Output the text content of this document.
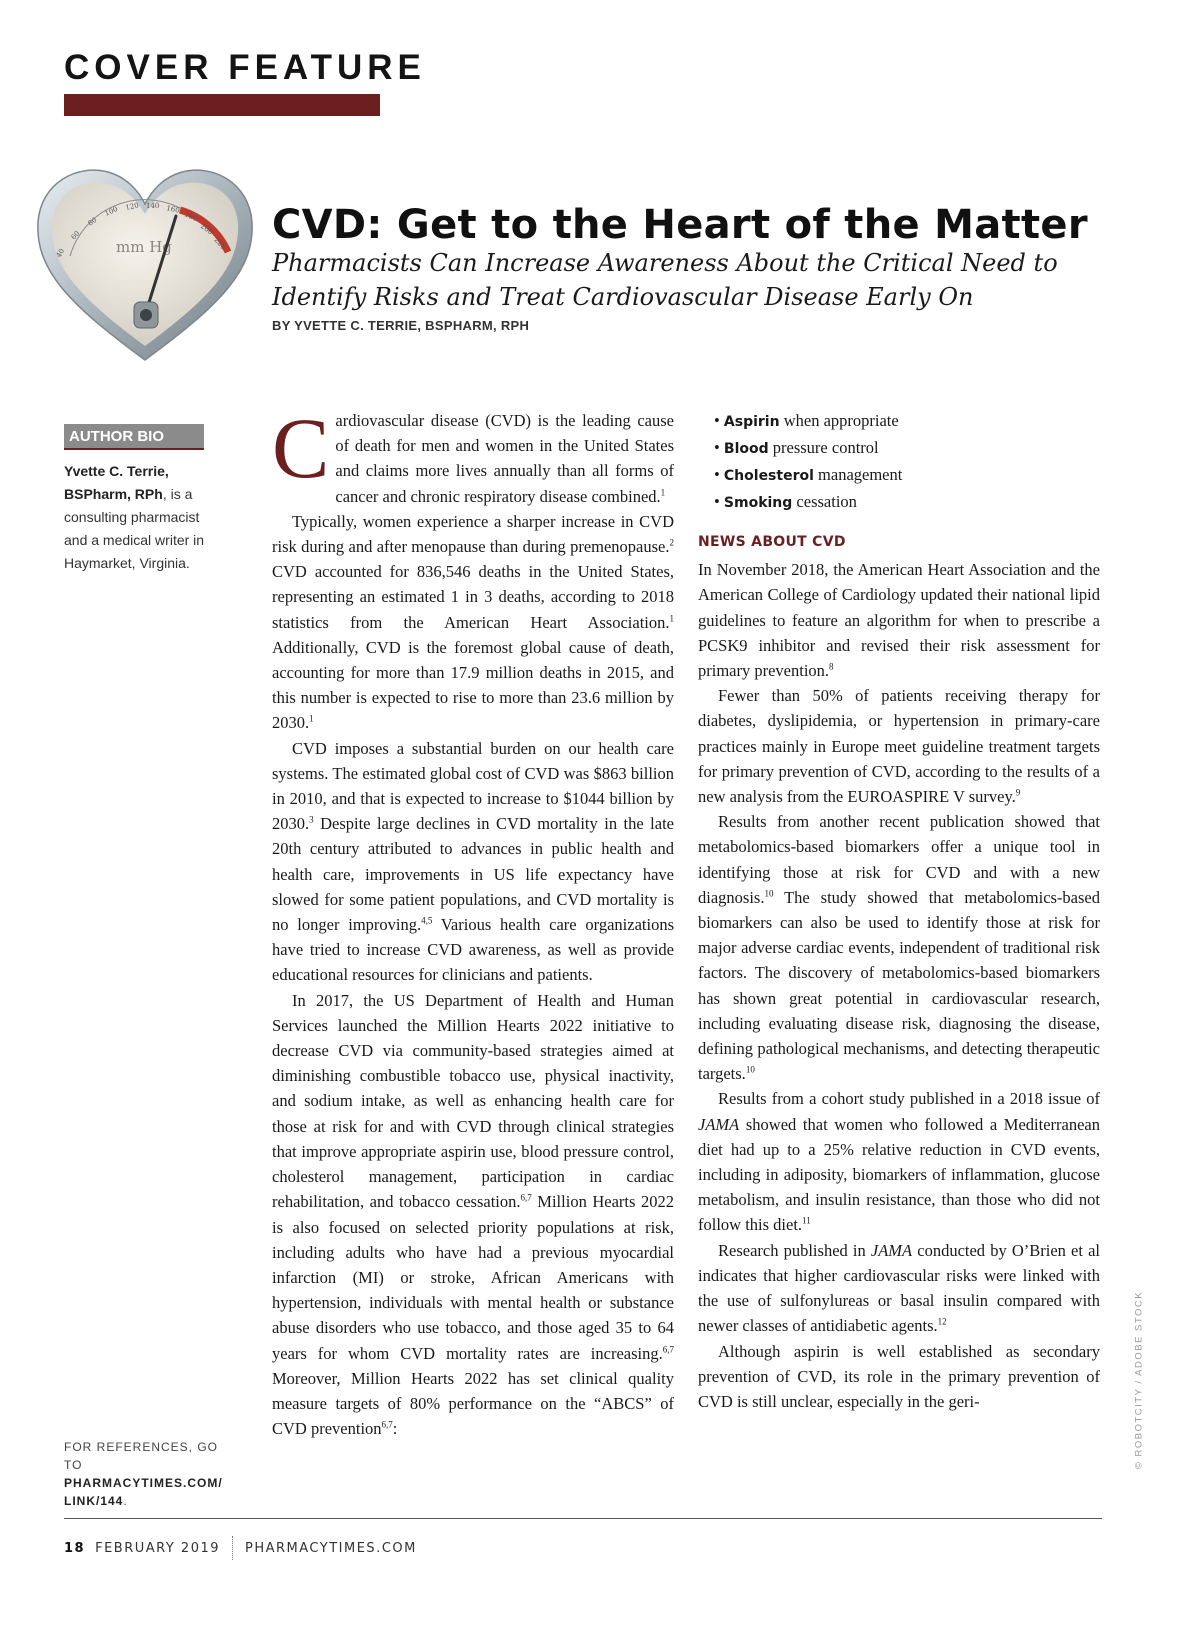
COVER FEATURE
40
60
80
100 120 140 160
180
200
220
mm Hg	CVD: Get to the Heart of the Matter

Pharmacists Can Increase Awareness About the Critical Need to Identify Risks and Treat Cardiovascular Disease Early On

BY YVETTE C. TERRIE, BSPHARM, RPH
AUTHOR BIO
Yvette C. Terrie, BSPharm, RPh, is a consulting pharmacist and a medical writer in Haymarket, Virginia.
FOR REFERENCES, GO TO
PHARMACYTIMES.COM/ LINK/144.

Cardiovascular disease (CVD) is the leading cause of death for men and women in the United States and claims more lives annually than all forms of cancer and chronic respiratory disease combined.$^1$

Typically, women experience a sharper increase in CVD risk during and after menopause than during premenopause.$^2$ CVD accounted for 836,546 deaths in the United States, representing an estimated 1 in 3 deaths, according to 2018 statistics from the American Heart Association.$^1$ Additionally, CVD is the foremost global cause of death, accounting for more than 17.9 million deaths in 2015, and this number is expected to rise to more than 23.6 million by 2030.$^1$

CVD imposes a substantial burden on our health care systems. The estimated global cost of CVD was $863 billion in 2010, and that is expected to increase to $1044 billion by 2030.$^3$ Despite large declines in CVD mortality in the late 20th century attributed to advances in public health and health care, improvements in US life expectancy have slowed for some patient populations, and CVD mortality is no longer improving.$^{4,5}$ Various health care organizations have tried to increase CVD awareness, as well as provide educational resources for clinicians and patients.

In 2017, the US Department of Health and Human Services launched the Million Hearts 2022 initiative to decrease CVD via community-based strategies aimed at diminishing combustible tobacco use, physical inactivity, and sodium intake, as well as enhancing health care for those at risk for and with CVD through clinical strategies that improve appropriate aspirin use, blood pressure control, cholesterol management, participation in cardiac rehabilitation, and tobacco cessation.$^{6,7}$ Million Hearts 2022 is also focused on selected priority populations at risk, including adults who have had a previous myocardial infarction (MI) or stroke, African Americans with hypertension, individuals with mental health or substance abuse disorders who use tobacco, and those aged 35 to 64 years for whom CVD mortality rates are increasing.$^{6,7}$ Moreover, Million Hearts 2022 has set clinical quality measure targets of 80% performance on the “ABCS” of CVD prevention$^{6,7}$:

• Aspirin when appropriate
• Blood pressure control
• Cholesterol management
• Smoking cessation
NEWS ABOUT CVD

In November 2018, the American Heart Association and the American College of Cardiology updated their national lipid guidelines to feature an algorithm for when to prescribe a PCSK9 inhibitor and revised their risk assessment for primary prevention.$^8$

Fewer than 50% of patients receiving therapy for diabetes, dyslipidemia, or hypertension in primary-care practices mainly in Europe meet guideline treatment targets for primary prevention of CVD, according to the results of a new analysis from the EUROASPIRE V survey.$^9$

Results from another recent publication showed that metabolomics-based biomarkers offer a unique tool in identifying those at risk for CVD and with a new diagnosis.$^{10}$ The study showed that metabolomics-based biomarkers can also be used to identify those at risk for major adverse cardiac events, independent of traditional risk factors. The discovery of metabolomics-based biomarkers has shown great potential in cardiovascular research, including evaluating disease risk, diagnosing the disease, defining pathological mechanisms, and detecting therapeutic targets.$^{10}$

Results from a cohort study published in a 2018 issue of JAMA showed that women who followed a Mediterranean diet had up to a 25% relative reduction in CVD events, including in adiposity, biomarkers of inflammation, glucose metabolism, and insulin resistance, than those who did not follow this diet.$^{11}$

Research published in JAMA conducted by O’Brien et al indicates that higher cardiovascular risks were linked with the use of sulfonylureas or basal insulin compared with newer classes of antidiabetic agents.$^{12}$

Although aspirin is well established as secondary prevention of CVD, its role in the primary prevention of CVD is still unclear, especially in the geri-	© ROBOTCITY / ADOBE STOCK
18 FEBRUARY 2019 PHARMACYTIMES.COM
